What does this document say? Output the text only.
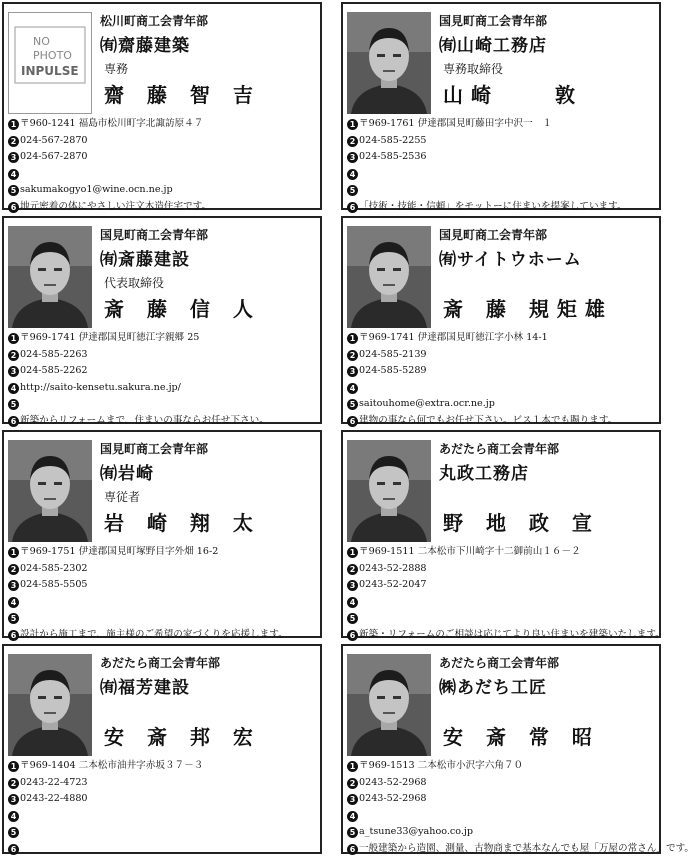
NO
PHOTO
INPULSE
松川町商工会青年部
㈲齋藤建築
専務
齋 藤 智 吉
1 〒960-1241 福島市松川町字北諏訪原４７
2 024-567-2870
3 024-567-2870
4
5 sakumakogyo1@wine.ocn.ne.jp
6 地元密着の体にやさしい注文木造住宅です。
国見町商工会青年部
㈲山崎工務店
専務取締役
山崎　　敦
1 〒969-1761 伊達郡国見町藤田字中沢一　１
2 024-585-2255
3 024-585-2536
4
5
6 「技術・技能・信頼」をモットーに住まいを提案しています。
国見町商工会青年部
㈲斎藤建設
代表取締役
斎 藤 信 人
1 〒969-1741 伊達郡国見町徳江字親郷 25
2 024-585-2263
3 024-585-2262
4 http://saito-kensetu.sakura.ne.jp/
5
6 新築からリフォームまで、住まいの事ならお任せ下さい。
国見町商工会青年部
㈲サイトウホーム
斎 藤 規矩雄
1 〒969-1741 伊達郡国見町徳江字小林 14-1
2 024-585-2139
3 024-585-5289
4
5 saitouhome@extra.ocr.ne.jp
6 建物の事なら何でもお任せ下さい。ビス１本でも賜ります。
国見町商工会青年部
㈲岩崎
専従者
岩 崎 翔 太
1 〒969-1751 伊達郡国見町塚野目字外畑 16-2
2 024-585-2302
3 024-585-5505
4
5
6 設計から施工まで、施主様のご希望の家づくりを応援します。
あだたら商工会青年部
丸政工務店
野 地 政 宣
1 〒969-1511 二本松市下川崎字十二御前山１６－２
2 0243-52-2888
3 0243-52-2047
4
5
6 新築・リフォームのご相談は応じてより良い住まいを建築いたします。
あだたら商工会青年部
㈲福芳建設
安 斎 邦 宏
1 〒969-1404 二本松市油井字赤坂３７－３
2 0243-22-4723
3 0243-22-4880
4
5
6
あだたら商工会青年部
㈱あだち工匠
安 斎 常 昭
1 〒969-1513 二本松市小沢字六角７０
2 0243-52-2968
3 0243-52-2968
4
5 a_tsune33@yahoo.co.jp
6 一般建築から造園、測量、古物商まで基本なんでも屋「万屋の常さん」です。
